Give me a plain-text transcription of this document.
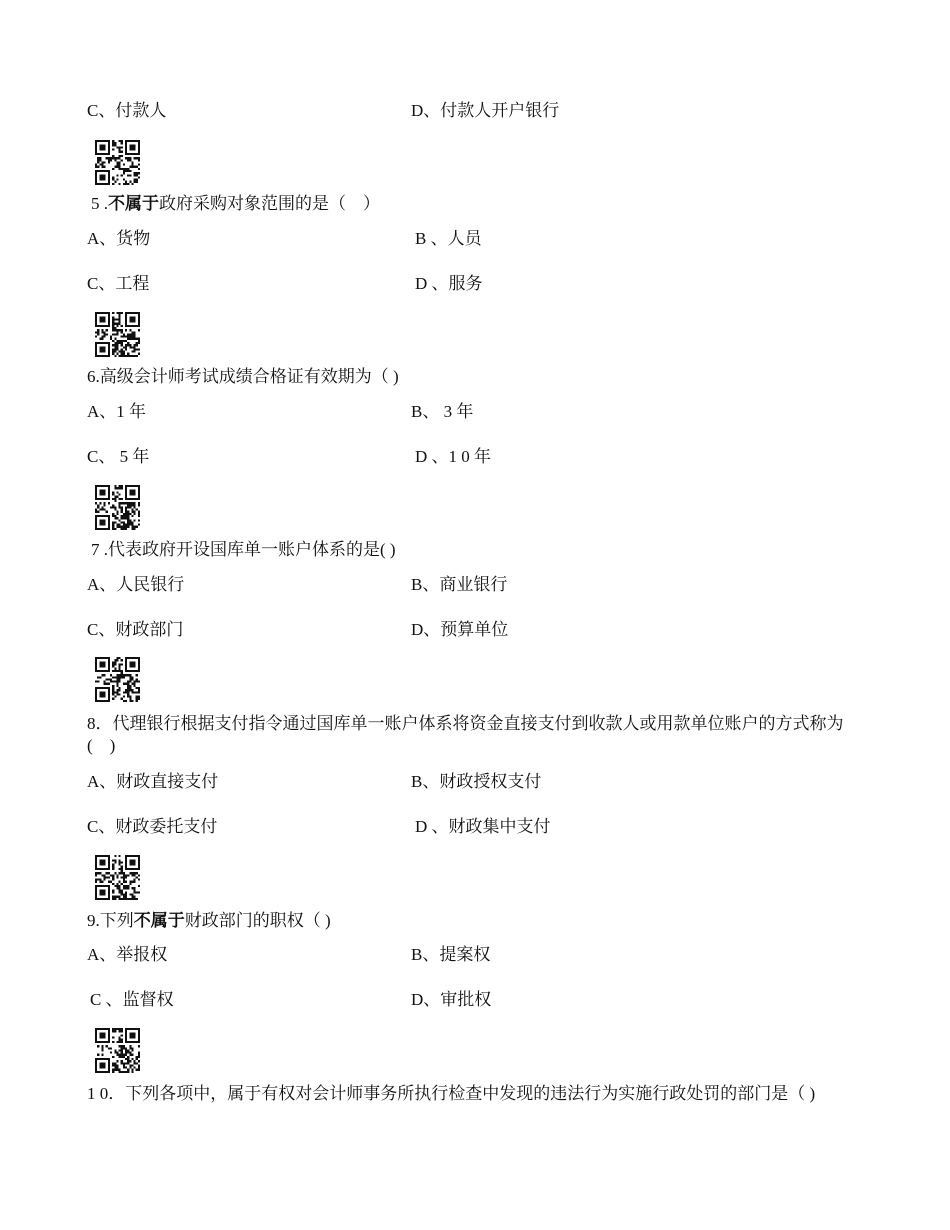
C、付款人	D、付款人开户银行
5 .不属于政府采购对象范围的是（　）
A、货物	B 、人员
C、工程	D 、服务
6.高级会计师考试成绩合格证有效期为（ )
A、1 年	B、 3 年
C、 5 年	D 、1 0 年
7 .代表政府开设国库单一账户体系的是( )
A、人民银行	B、商业银行
C、财政部门	D、预算单位
8．代理银行根据支付指令通过国库单一账户体系将资金直接支付到收款人或用款单位账户的方式称为(　)
A、财政直接支付	B、财政授权支付
C、财政委托支付	D 、财政集中支付
9.下列不属于财政部门的职权（ )
A、举报权	B、提案权
C 、监督权	D、审批权
1 0．下列各项中，属于有权对会计师事务所执行检查中发现的违法行为实施行政处罚的部门是（ )
